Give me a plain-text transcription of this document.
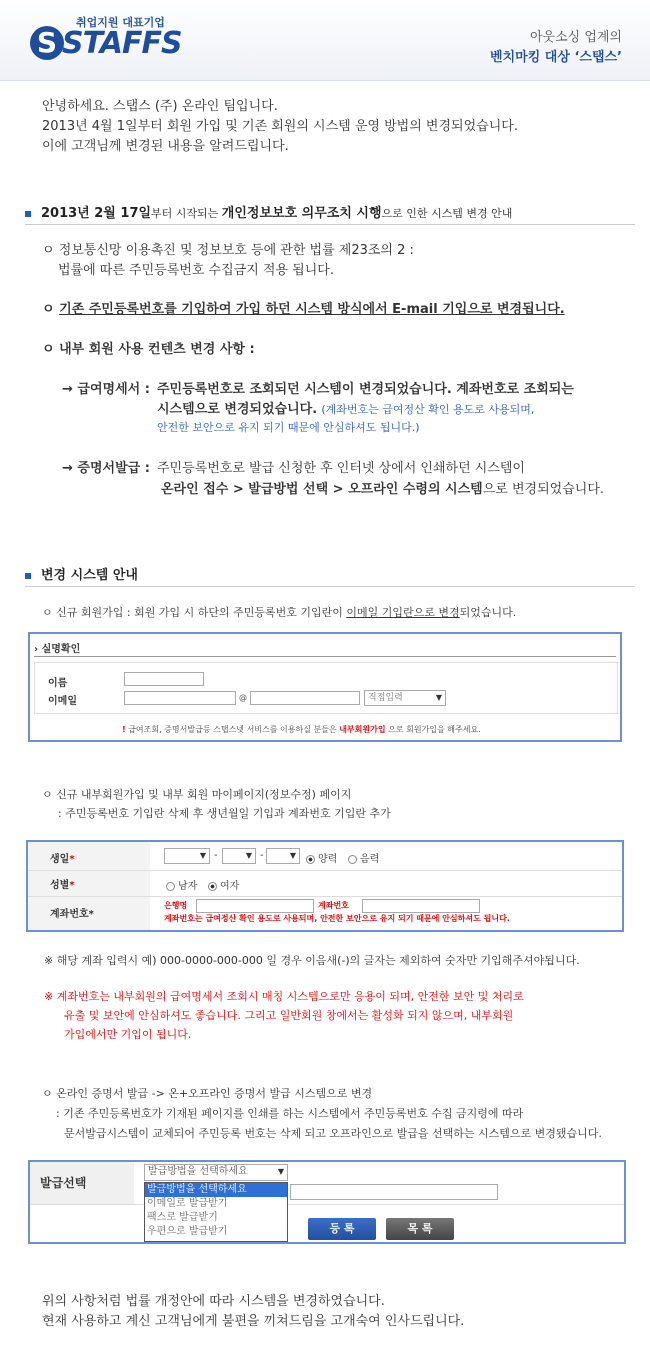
취업지원 대표기업
S STAFFS	아웃소싱 업계의
벤치마킹 대상 ‘스탭스’
안녕하세요. 스탭스 (주) 온라인 팀입니다.
2013년 4월 1일부터 회원 가입 및 기존 회원의 시스템 운영 방법의 변경되었습니다.
이에 고객님께 변경된 내용을 알려드립니다.
2013년 2월 17일부터 시작되는 개인정보보호 의무조치 시행으로 인한 시스템 변경 안내
ㅇ 정보통신망 이용촉진 및 정보보호 등에 관한 법률 제23조의 2 :
법률에 따른 주민등록번호 수집금지 적용 됩니다.
ㅇ 기존 주민등록번호를 기입하여 가입 하던 시스템 방식에서 E-mail 기입으로 변경됩니다.
ㅇ 내부 회원 사용 컨텐츠 변경 사항 :
→ 급여명세서 : 주민등록번호로 조회되던 시스템이 변경되었습니다. 계좌번호로 조회되는
시스템으로 변경되었습니다. (계좌번호는 급여정산 확인 용도로 사용되며,
안전한 보안으로 유지 되기 때문에 안심하셔도 됩니다.)
→ 증명서발급 : 주민등록번호로 발급 신청한 후 인터넷 상에서 인쇄하던 시스템이
온라인 접수 > 발급방법 선택 > 오프라인 수령의 시스템으로 변경되었습니다.
변경 시스템 안내
ㅇ 신규 회원가입 : 회원 가입 시 하단의 주민등록번호 기입란이 이메일 기입란으로 변경되었습니다.
› 실명확인
이름
이메일	@	직접입력	▼
! 급여조회, 증명서발급등 스탭스넷 서비스를 이용하실 분들은 내부회원가입 으로 회원가입을 해주세요.
ㅇ 신규 내부회원가입 및 내부 회원 마이페이지(정보수정) 페이지
: 주민등록번호 기입란 삭제 후 생년월일 기입과 계좌번호 기입란 추가
생일*	▼ -	▼ -	▼	양력	음력
성별*	남자	여자
계좌번호*
은행명	계좌번호
계좌번호는 급여정산 확인 용도로 사용되며, 안전한 보안으로 유지 되기 때문에 안심하셔도 됩니다.
※ 해당 계좌 입력시 예) 000-0000-000-000 일 경우 이음새(-)의 글자는 제외하여 숫자만 기입해주셔야됩니다.
※ 계좌번호는 내부회원의 급여명세서 조회시 매칭 시스템으로만 응용이 되며, 안전한 보안 및 처리로
유출 및 보안에 안심하셔도 좋습니다. 그리고 일반회원 창에서는 활성화 되지 않으며, 내부회원
가입에서만 기입이 됩니다.
ㅇ 온라인 증명서 발급 -> 온+오프라인 증명서 발급 시스템으로 변경
: 기존 주민등록번호가 기재된 페이지를 인쇄를 하는 시스템에서 주민등록번호 수집 금지령에 따라
문서발급시스템이 교체되어 주민등록 번호는 삭제 되고 오프라인으로 발급을 선택하는 시스템으로 변경됐습니다.
발급선택
발급방법을 선택하세요	▼
발급방법을 선택하세요
이메일로 발급받기
팩스로 발급받기
우편으로 발급받기	등 록	목 록
위의 사항처럼 법률 개정안에 따라 시스템을 변경하였습니다.
현재 사용하고 계신 고객님에게 불편을 끼쳐드림을 고개숙여 인사드립니다.
